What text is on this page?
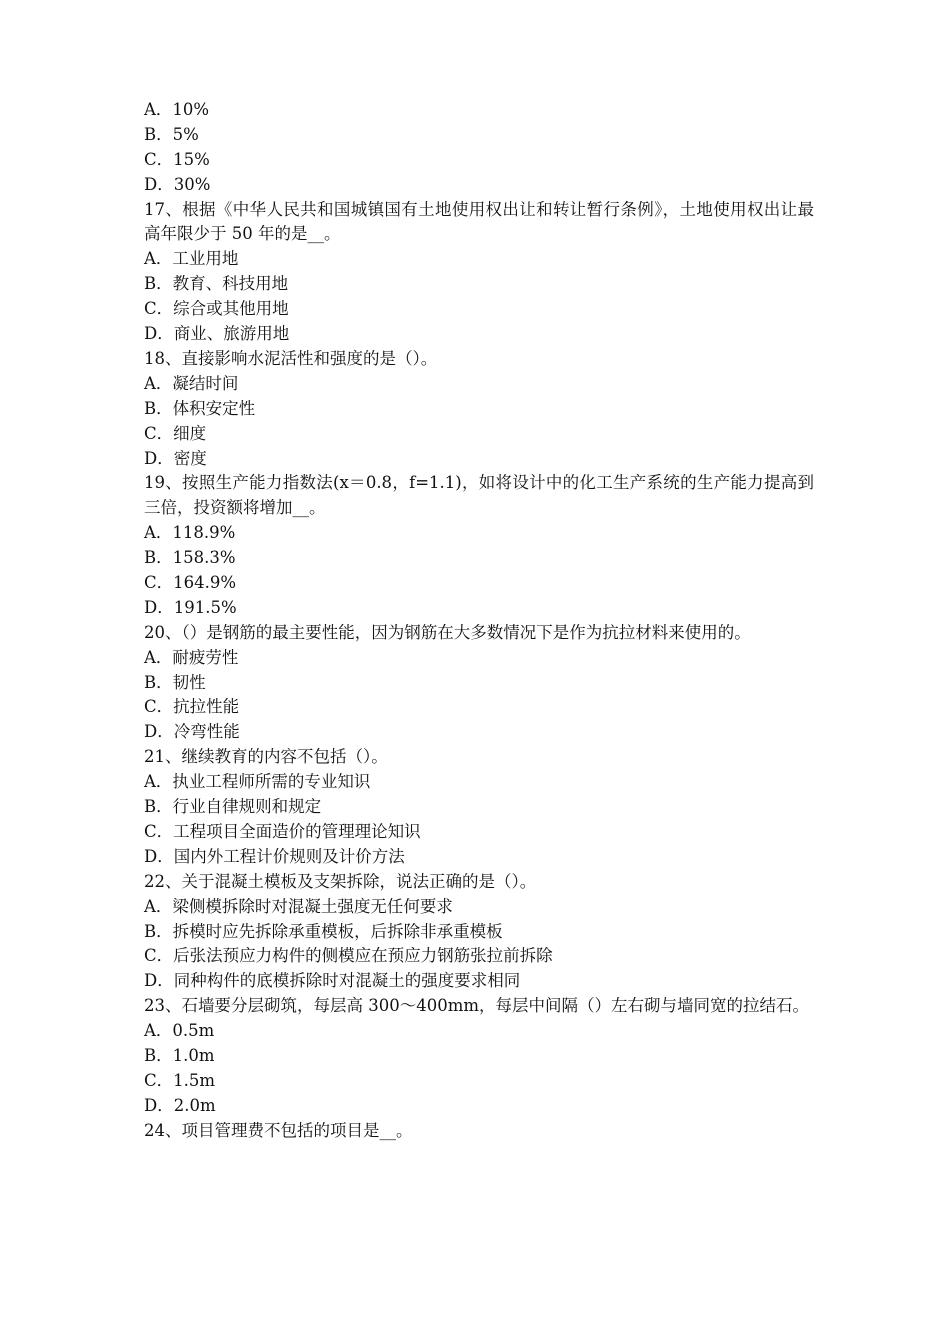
A．10%
B．5%
C．15%
D．30%
17、根据《中华人民共和国城镇国有土地使用权出让和转让暂行条例》，土地使用权出让最高年限少于 50 年的是__。
A．工业用地
B．教育、科技用地
C．综合或其他用地
D．商业、旅游用地
18、直接影响水泥活性和强度的是（）。
A．凝结时间
B．体积安定性
C．细度
D．密度
19、按照生产能力指数法(x＝0.8，f=1.1)，如将设计中的化工生产系统的生产能力提高到三倍，投资额将增加__。
A．118.9%
B．158.3%
C．164.9%
D．191.5%
20、（）是钢筋的最主要性能，因为钢筋在大多数情况下是作为抗拉材料来使用的。
A．耐疲劳性
B．韧性
C．抗拉性能
D．冷弯性能
21、继续教育的内容不包括（）。
A．执业工程师所需的专业知识
B．行业自律规则和规定
C．工程项目全面造价的管理理论知识
D．国内外工程计价规则及计价方法
22、关于混凝土模板及支架拆除，说法正确的是（）。
A．梁侧模拆除时对混凝土强度无任何要求
B．拆模时应先拆除承重模板，后拆除非承重模板
C．后张法预应力构件的侧模应在预应力钢筋张拉前拆除
D．同种构件的底模拆除时对混凝土的强度要求相同
23、石墙要分层砌筑，每层高 300～400mm，每层中间隔（）左右砌与墙同宽的拉结石。
A．0.5m
B．1.0m
C．1.5m
D．2.0m
24、项目管理费不包括的项目是__。
